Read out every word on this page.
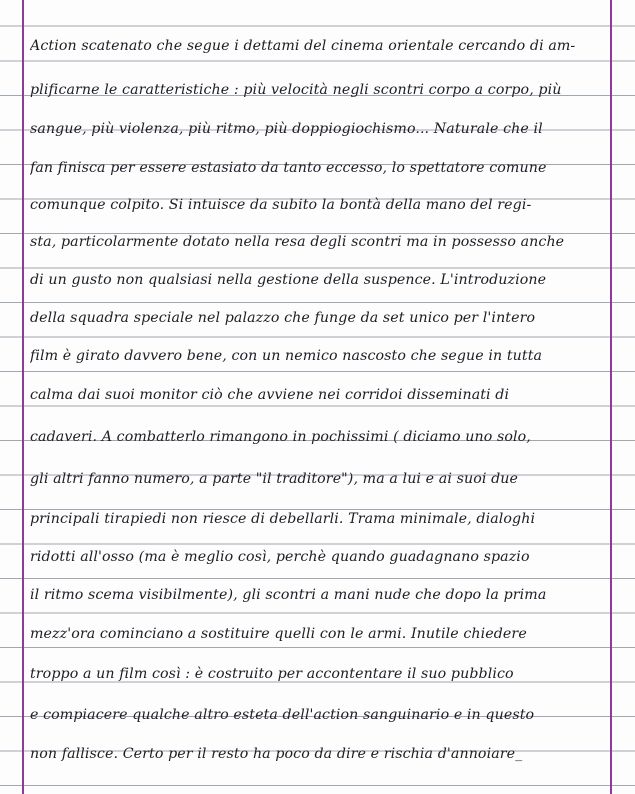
Action scatenato che segue i dettami del cinema orientale cercando di am-
plificarne le caratteristiche : più velocità negli scontri corpo a corpo, più
sangue, più violenza, più ritmo, più doppiogiochismo... Naturale che il
fan finisca per essere estasiato da tanto eccesso, lo spettatore comune
comunque colpito. Si intuisce da subito la bontà della mano del regi-
sta, particolarmente dotato nella resa degli scontri ma in possesso anche
di un gusto non qualsiasi nella gestione della suspence. L'introduzione
della squadra speciale nel palazzo che funge da set unico per l'intero
film è girato davvero bene, con un nemico nascosto che segue in tutta
calma dai suoi monitor ciò che avviene nei corridoi disseminati di
cadaveri. A combatterlo rimangono in pochissimi ( diciamo uno solo,
gli altri fanno numero, a parte "il traditore"), ma a lui e ai suoi due
principali tirapiedi non riesce di debellarli. Trama minimale, dialoghi
ridotti all'osso (ma è meglio così, perchè quando guadagnano spazio
il ritmo scema visibilmente), gli scontri a mani nude che dopo la prima
mezz'ora cominciano a sostituire quelli con le armi. Inutile chiedere
troppo a un film così : è costruito per accontentare il suo pubblico
e compiacere qualche altro esteta dell'action sanguinario e in questo
non fallisce. Certo per il resto ha poco da dire e rischia d'annoiare_
